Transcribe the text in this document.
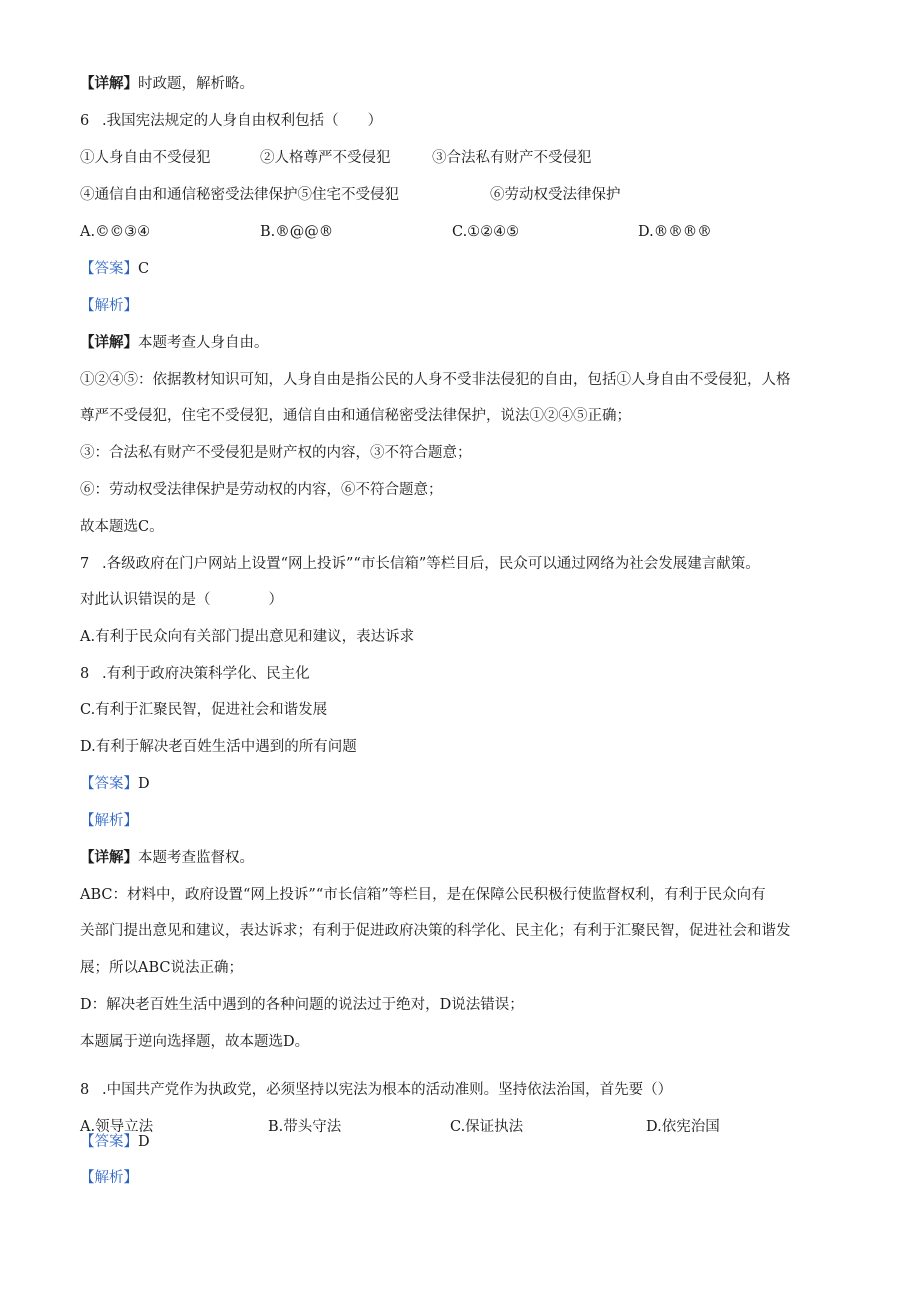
【详解】时政题，解析略。
6 .我国宪法规定的人身自由权利包括（　　）
①人身自由不受侵犯	②人格尊严不受侵犯	③合法私有财产不受侵犯
④通信自由和通信秘密受法律保护⑤住宅不受侵犯	⑥劳动权受法律保护
A.©©③④	B.®@@®	C.①②④⑤	D.®®®®
【答案】C
【解析】
【详解】本题考查人身自由。
①②④⑤：依据教材知识可知，人身自由是指公民的人身不受非法侵犯的自由，包括①人身自由不受侵犯，人格
尊严不受侵犯，住宅不受侵犯，通信自由和通信秘密受法律保护，说法①②④⑤正确；
③：合法私有财产不受侵犯是财产权的内容，③不符合题意；
⑥：劳动权受法律保护是劳动权的内容，⑥不符合题意；
故本题选C。
7 .各级政府在门户网站上设置“网上投诉”“市长信箱”等栏目后，民众可以通过网络为社会发展建言献策。
对此认识错误的是（　　　　）
A.有利于民众向有关部门提出意见和建议，表达诉求
8 .有利于政府决策科学化、民主化
C.有利于汇聚民智，促进社会和谐发展
D.有利于解决老百姓生活中遇到的所有问题
【答案】D
【解析】
【详解】本题考查监督权。
ABC：材料中，政府设置“网上投诉”“市长信箱”等栏目，是在保障公民积极行使监督权利，有利于民众向有
关部门提出意见和建议，表达诉求；有利于促进政府决策的科学化、民主化；有利于汇聚民智，促进社会和谐发
展；所以ABC说法正确；
D：解决老百姓生活中遇到的各种问题的说法过于绝对，D说法错误；
本题属于逆向选择题，故本题选D。
8 .中国共产党作为执政党，必须坚持以宪法为根本的活动准则。坚持依法治国，首先要（）
A.领导立法	B.带头守法	C.保证执法	D.依宪治国
【答案】D
【解析】
